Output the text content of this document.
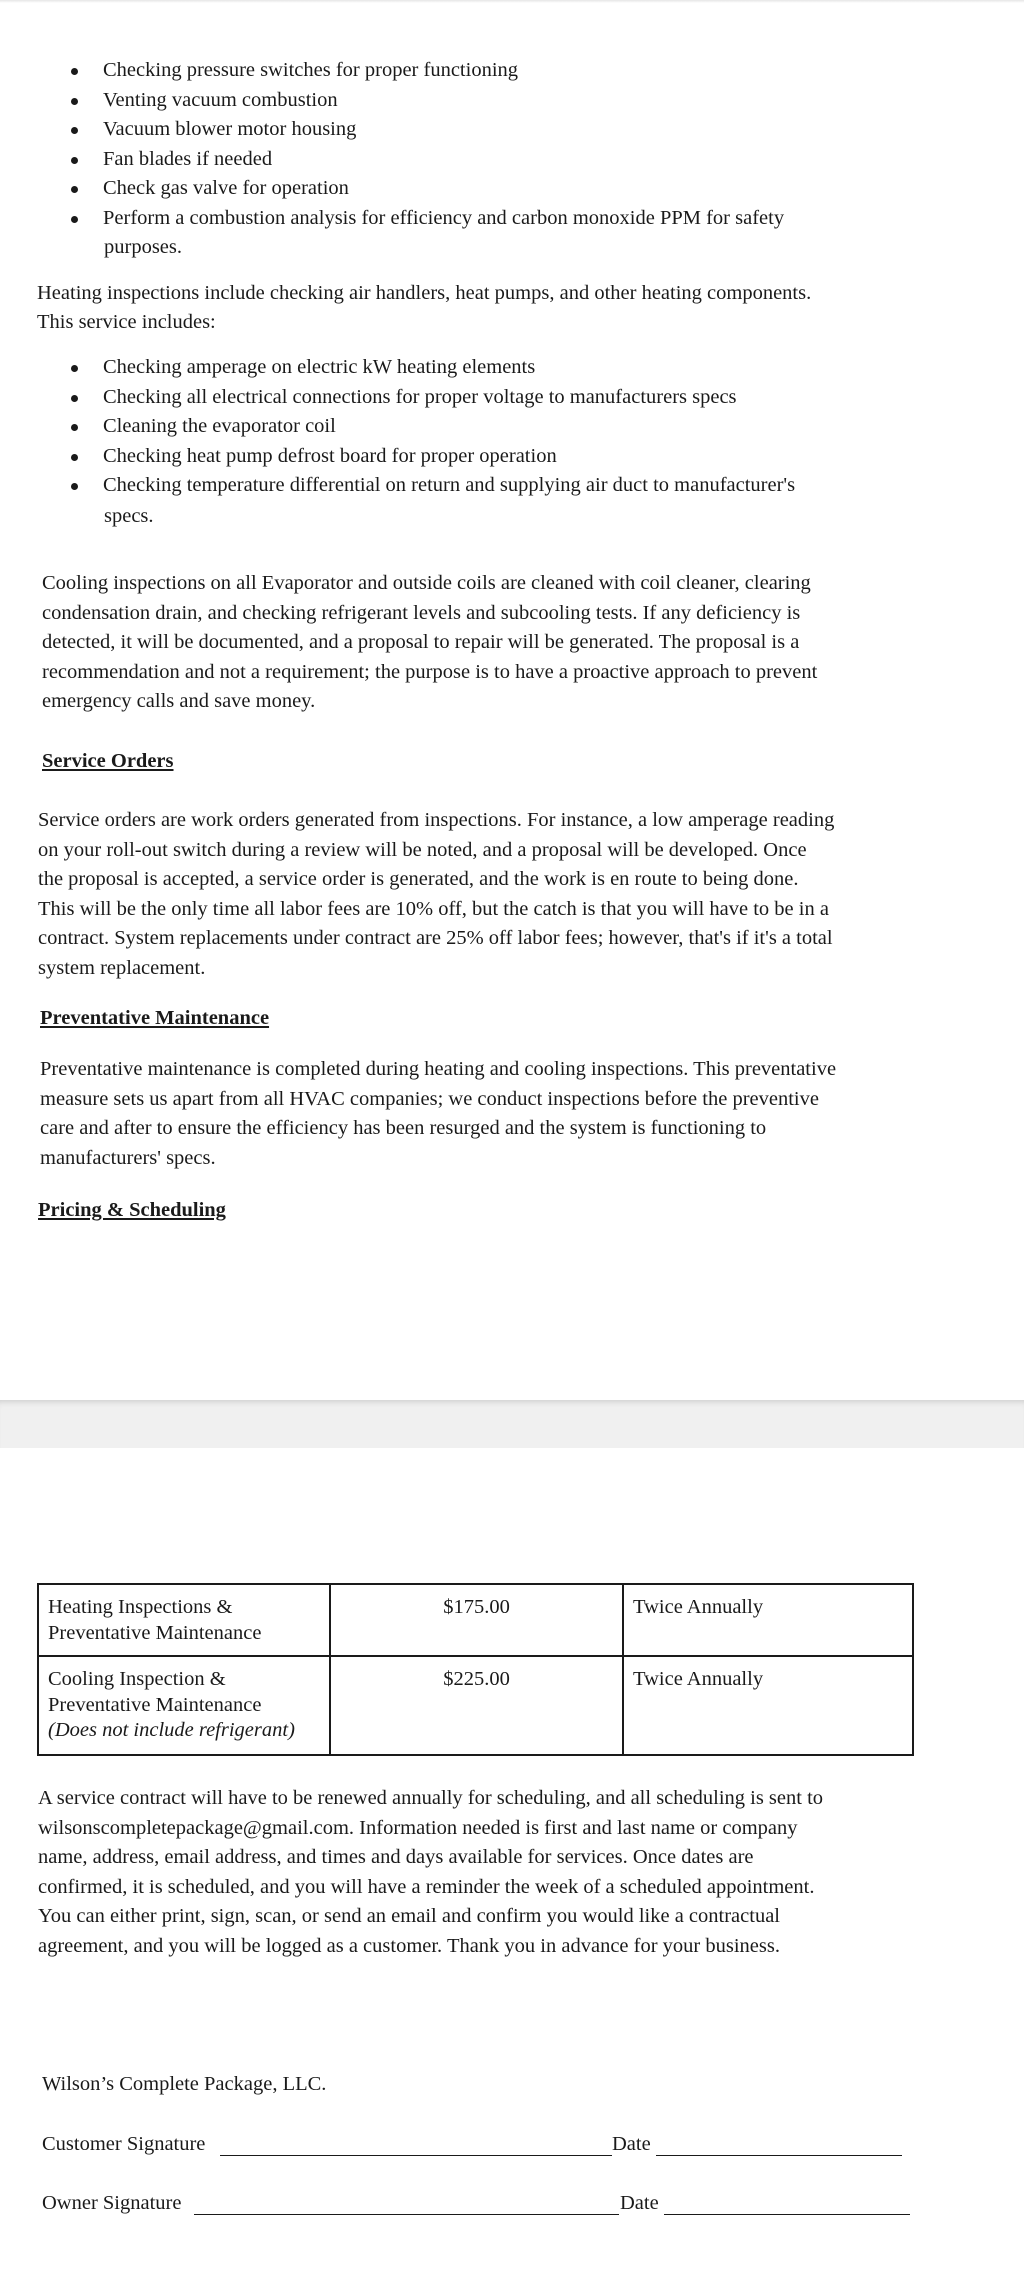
Checking pressure switches for proper functioning
Venting vacuum combustion
Vacuum blower motor housing
Fan blades if needed
Check gas valve for operation
Perform a combustion analysis for efficiency and carbon monoxide PPM for safety
purposes.
Heating inspections include checking air handlers, heat pumps, and other heating components.
This service includes:
Checking amperage on electric kW heating elements
Checking all electrical connections for proper voltage to manufacturers specs
Cleaning the evaporator coil
Checking heat pump defrost board for proper operation
Checking temperature differential on return and supplying air duct to manufacturer's
specs.
Cooling inspections on all Evaporator and outside coils are cleaned with coil cleaner, clearing
condensation drain, and checking refrigerant levels and subcooling tests. If any deficiency is
detected, it will be documented, and a proposal to repair will be generated. The proposal is a
recommendation and not a requirement; the purpose is to have a proactive approach to prevent
emergency calls and save money.
Service Orders
Service orders are work orders generated from inspections. For instance, a low amperage reading
on your roll-out switch during a review will be noted, and a proposal will be developed. Once
the proposal is accepted, a service order is generated, and the work is en route to being done.
This will be the only time all labor fees are 10% off, but the catch is that you will have to be in a
contract. System replacements under contract are 25% off labor fees; however, that's if it's a total
system replacement.
Preventative Maintenance
Preventative maintenance is completed during heating and cooling inspections. This preventative
measure sets us apart from all HVAC companies; we conduct inspections before the preventive
care and after to ensure the efficiency has been resurged and the system is functioning to
manufacturers' specs.
Pricing & Scheduling
Heating Inspections &
Preventative Maintenance	$175.00	Twice Annually
Cooling Inspection &
Preventative Maintenance
(Does not include refrigerant)	$225.00	Twice Annually
A service contract will have to be renewed annually for scheduling, and all scheduling is sent to
wilsonscompletepackage@gmail.com. Information needed is first and last name or company
name, address, email address, and times and days available for services. Once dates are
confirmed, it is scheduled, and you will have a reminder the week of a scheduled appointment.
You can either print, sign, scan, or send an email and confirm you would like a contractual
agreement, and you will be logged as a customer. Thank you in advance for your business.
Wilson’s Complete Package, LLC.
Customer Signature	Date
Owner Signature	Date
